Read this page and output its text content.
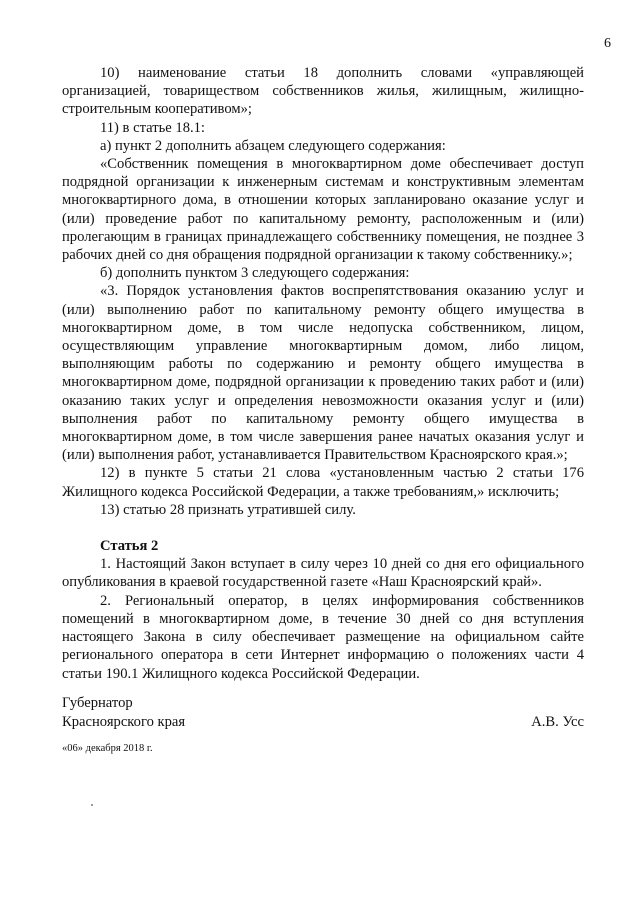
6

10) наименование статьи 18 дополнить словами «управляющей организацией, товариществом собственников жилья, жилищным, жилищно-строительным кооперативом»;

11) в статье 18.1:

а) пункт 2 дополнить абзацем следующего содержания:

«Собственник помещения в многоквартирном доме обеспечивает доступ подрядной организации к инженерным системам и конструктивным элементам многоквартирного дома, в отношении которых запланировано оказание услуг и (или) проведение работ по капитальному ремонту, расположенным и (или) пролегающим в границах принадлежащего собственнику помещения, не позднее 3 рабочих дней со дня обращения подрядной организации к такому собственнику.»;

б) дополнить пунктом 3 следующего содержания:

«3. Порядок установления фактов воспрепятствования оказанию услуг и (или) выполнению работ по капитальному ремонту общего имущества в многоквартирном доме, в том числе недопуска собственником, лицом, осуществляющим управление многоквартирным домом, либо лицом, выполняющим работы по содержанию и ремонту общего имущества в многоквартирном доме, подрядной организации к проведению таких работ и (или) оказанию таких услуг и определения невозможности оказания услуг и (или) выполнения работ по капитальному ремонту общего имущества в многоквартирном доме, в том числе завершения ранее начатых оказания услуг и (или) выполнения работ, устанавливается Правительством Красноярского края.»;

12) в пункте 5 статьи 21 слова «установленным частью 2 статьи 176 Жилищного кодекса Российской Федерации, а также требованиям,» исключить;

13) статью 28 признать утратившей силу.

Статья 2

1. Настоящий Закон вступает в силу через 10 дней со дня его официального опубликования в краевой государственной газете «Наш Красноярский край».

2. Региональный оператор, в целях информирования собственников помещений в многоквартирном доме, в течение 30 дней со дня вступления настоящего Закона в силу обеспечивает размещение на официальном сайте регионального оператора в сети Интернет информацию о положениях части 4 статьи 190.1 Жилищного кодекса Российской Федерации.

Губернатор
Красноярского края	А.В. Усс
«06» декабря 2018 г.
